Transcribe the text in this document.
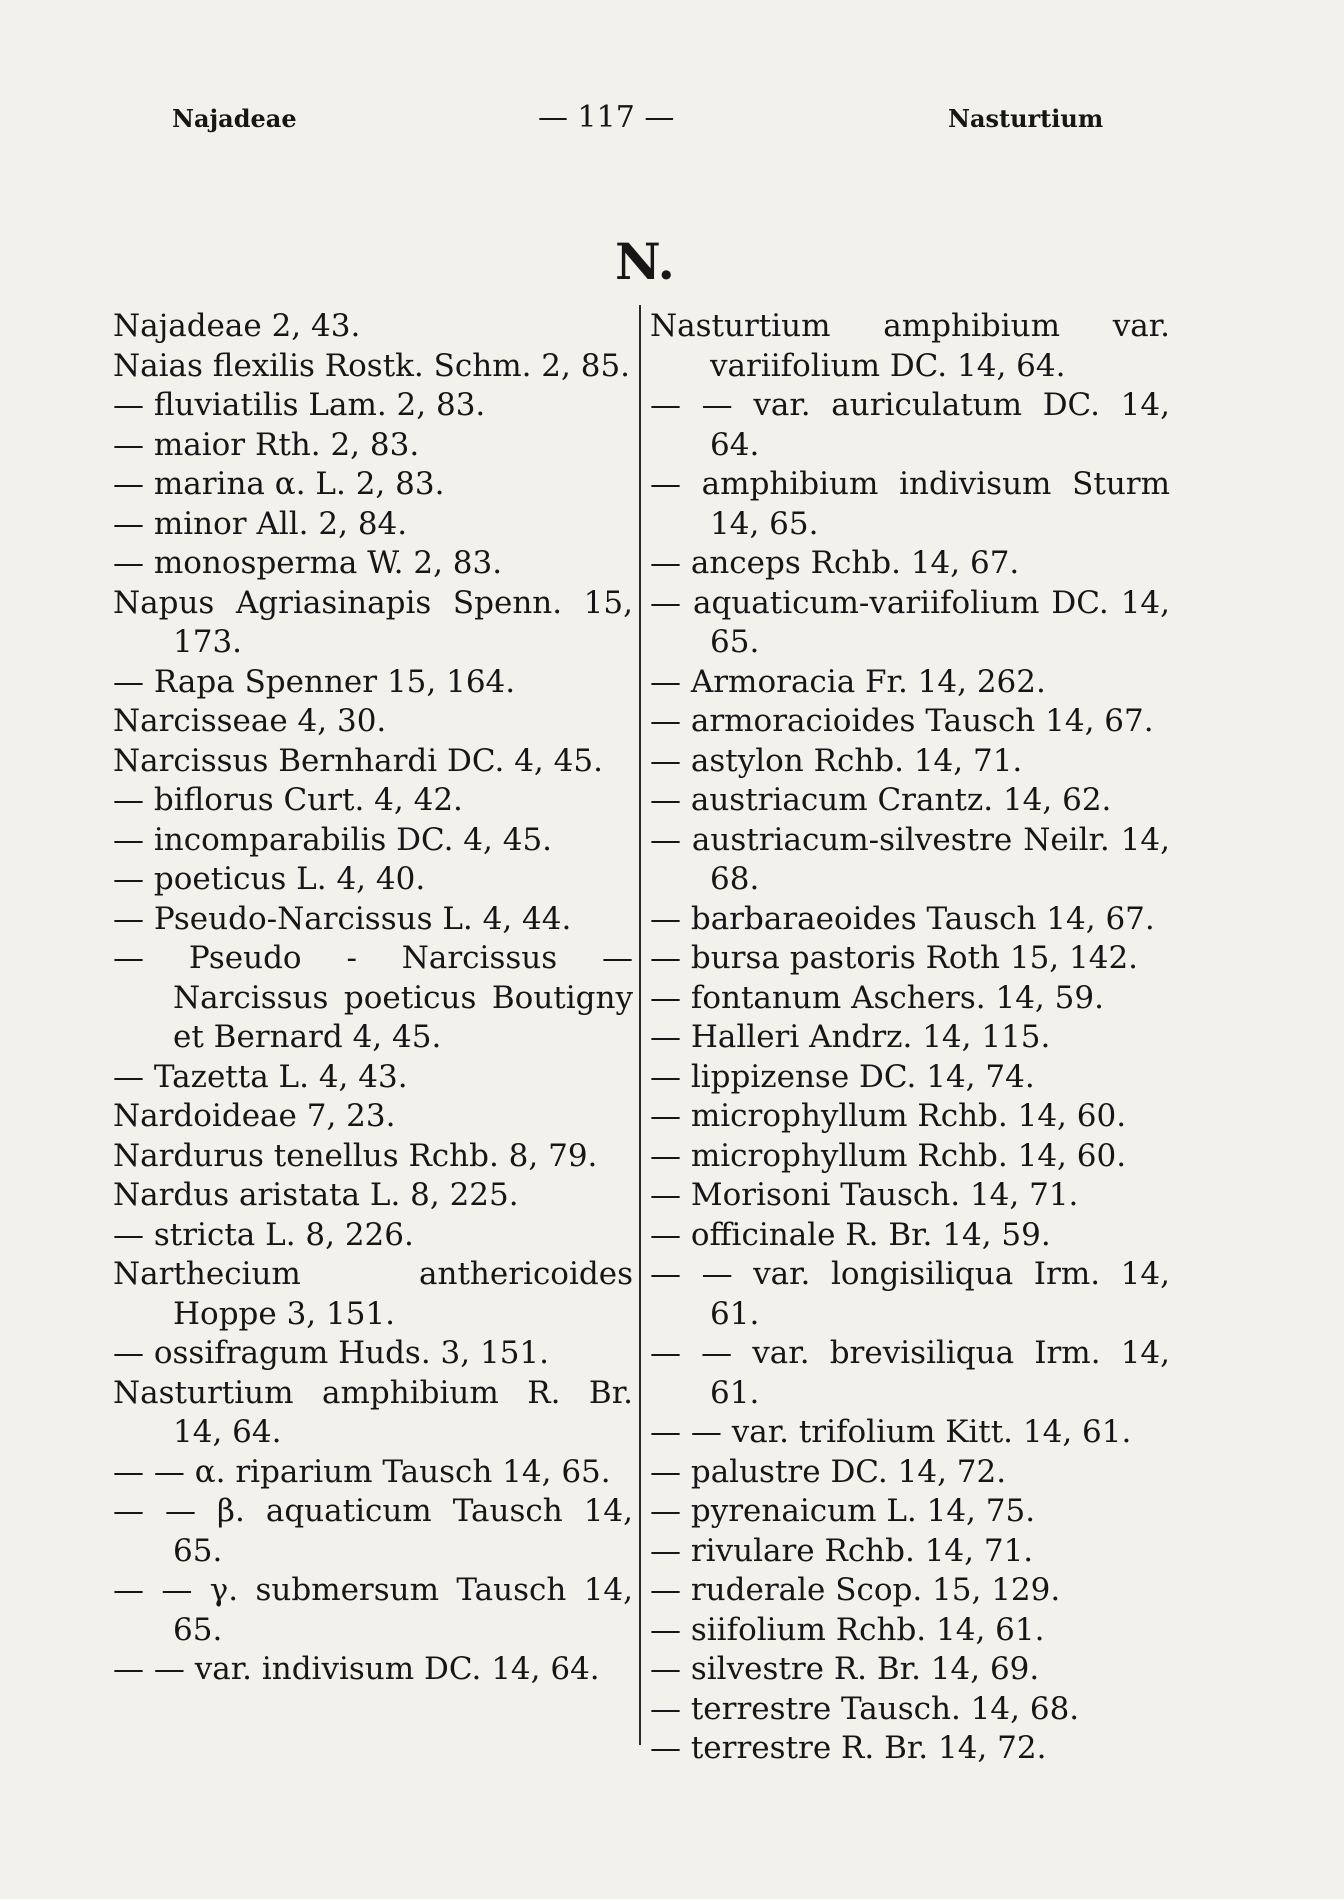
Najadeae	— 117 —	Nasturtium
N.

Najadeae 2, 43.

Naias flexilis Rostk. Schm. 2, 85.

— fluviatilis Lam. 2, 83.

— maior Rth. 2, 83.

— marina α. L. 2, 83.

— minor All. 2, 84.

— monosperma W. 2, 83.

Napus Agriasinapis Spenn. 15, 173.

— Rapa Spenner 15, 164.

Narcisseae 4, 30.

Narcissus Bernhardi DC. 4, 45.

— biflorus Curt. 4, 42.

— incomparabilis DC. 4, 45.

— poeticus L. 4, 40.

— Pseudo-Narcissus L. 4, 44.

— Pseudo - Narcissus — Narcissus poeticus Boutigny et Bernard 4, 45.

— Tazetta L. 4, 43.

Nardoideae 7, 23.

Nardurus tenellus Rchb. 8, 79.

Nardus aristata L. 8, 225.

— stricta L. 8, 226.

Narthecium anthericoides Hoppe 3, 151.

— ossifragum Huds. 3, 151.

Nasturtium amphibium R. Br. 14, 64.

— — α. riparium Tausch 14, 65.

— — β. aquaticum Tausch 14, 65.

— — γ. submersum Tausch 14, 65.

— — var. indivisum DC. 14, 64.

Nasturtium amphibium var. variifolium DC. 14, 64.

— — var. auriculatum DC. 14, 64.

— amphibium indivisum Sturm 14, 65.

— anceps Rchb. 14, 67.

— aquaticum-variifolium DC. 14, 65.

— Armoracia Fr. 14, 262.

— armoracioides Tausch 14, 67.

— astylon Rchb. 14, 71.

— austriacum Crantz. 14, 62.

— austriacum-silvestre Neilr. 14, 68.

— barbaraeoides Tausch 14, 67.

— bursa pastoris Roth 15, 142.

— fontanum Aschers. 14, 59.

— Halleri Andrz. 14, 115.

— lippizense DC. 14, 74.

— microphyllum Rchb. 14, 60.

— microphyllum Rchb. 14, 60.

— Morisoni Tausch. 14, 71.

— officinale R. Br. 14, 59.

— — var. longisiliqua Irm. 14, 61.

— — var. brevisiliqua Irm. 14, 61.

— — var. trifolium Kitt. 14, 61.

— palustre DC. 14, 72.

— pyrenaicum L. 14, 75.

— rivulare Rchb. 14, 71.

— ruderale Scop. 15, 129.

— siifolium Rchb. 14, 61.

— silvestre R. Br. 14, 69.

— terrestre Tausch. 14, 68.

— terrestre R. Br. 14, 72.
